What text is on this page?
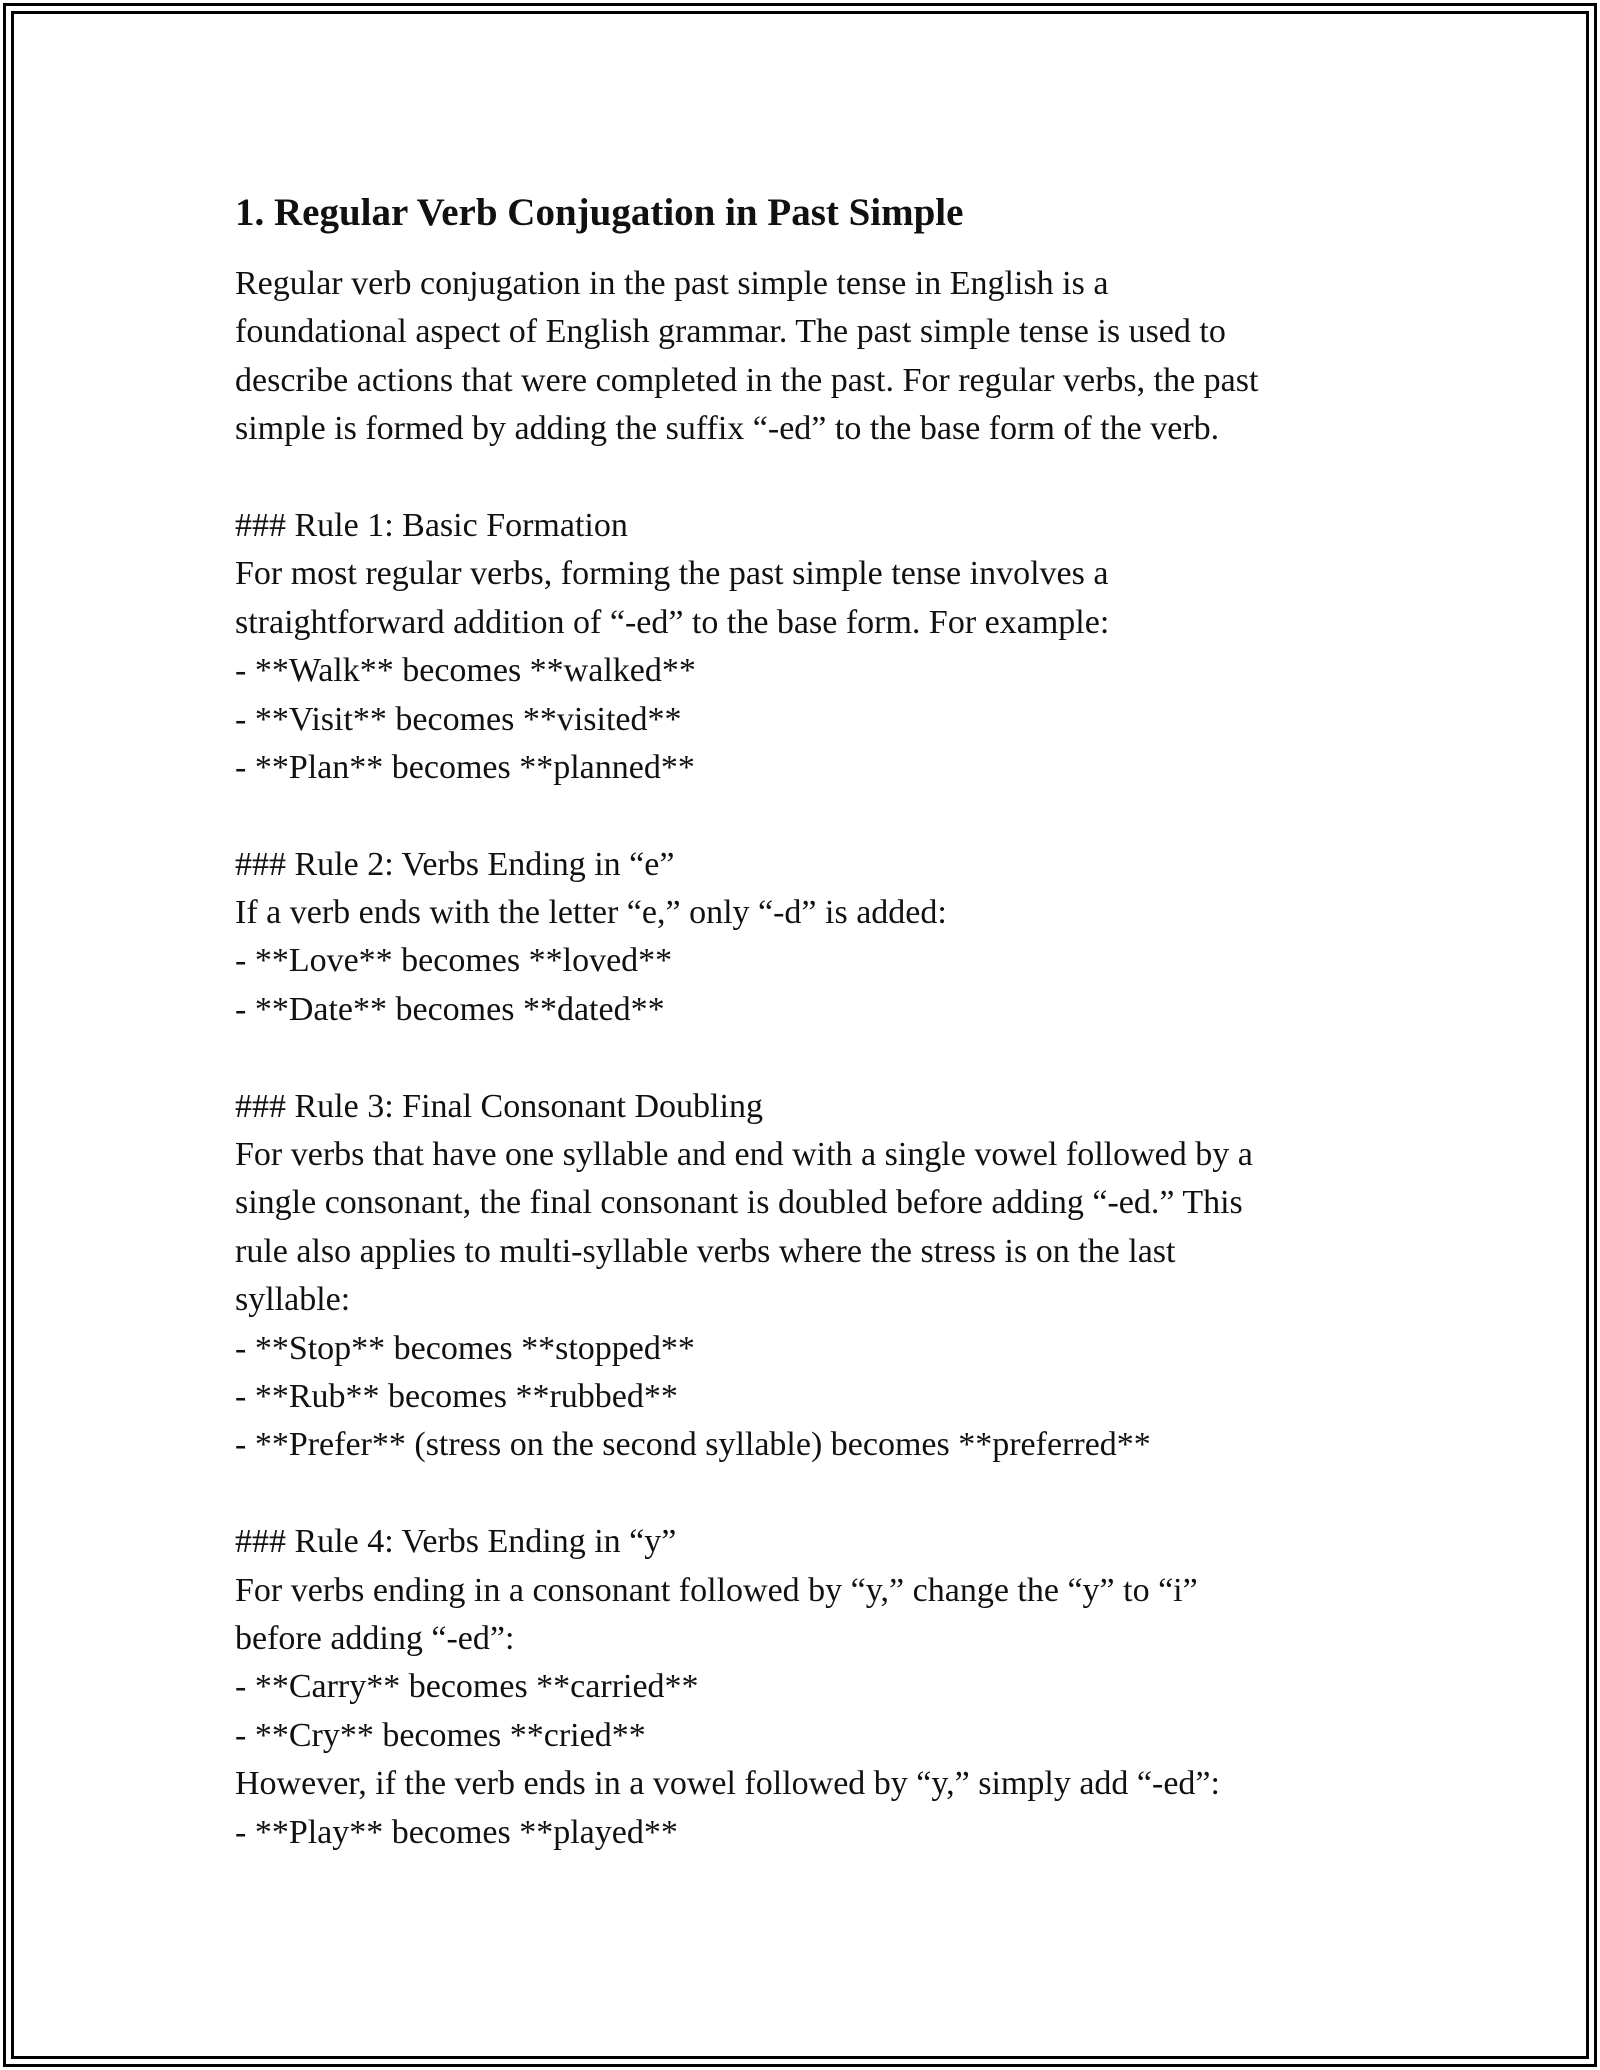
1. Regular Verb Conjugation in Past Simple
Regular verb conjugation in the past simple tense in English is a
foundational aspect of English grammar. The past simple tense is used to
describe actions that were completed in the past. For regular verbs, the past
simple is formed by adding the suffix “-ed” to the base form of the verb.
### Rule 1: Basic Formation
For most regular verbs, forming the past simple tense involves a
straightforward addition of “-ed” to the base form. For example:
- **Walk** becomes **walked**
- **Visit** becomes **visited**
- **Plan** becomes **planned**
### Rule 2: Verbs Ending in “e”
If a verb ends with the letter “e,” only “-d” is added:
- **Love** becomes **loved**
- **Date** becomes **dated**
### Rule 3: Final Consonant Doubling
For verbs that have one syllable and end with a single vowel followed by a
single consonant, the final consonant is doubled before adding “-ed.” This
rule also applies to multi-syllable verbs where the stress is on the last
syllable:
- **Stop** becomes **stopped**
- **Rub** becomes **rubbed**
- **Prefer** (stress on the second syllable) becomes **preferred**
### Rule 4: Verbs Ending in “y”
For verbs ending in a consonant followed by “y,” change the “y” to “i”
before adding “-ed”:
- **Carry** becomes **carried**
- **Cry** becomes **cried**
However, if the verb ends in a vowel followed by “y,” simply add “-ed”:
- **Play** becomes **played**
